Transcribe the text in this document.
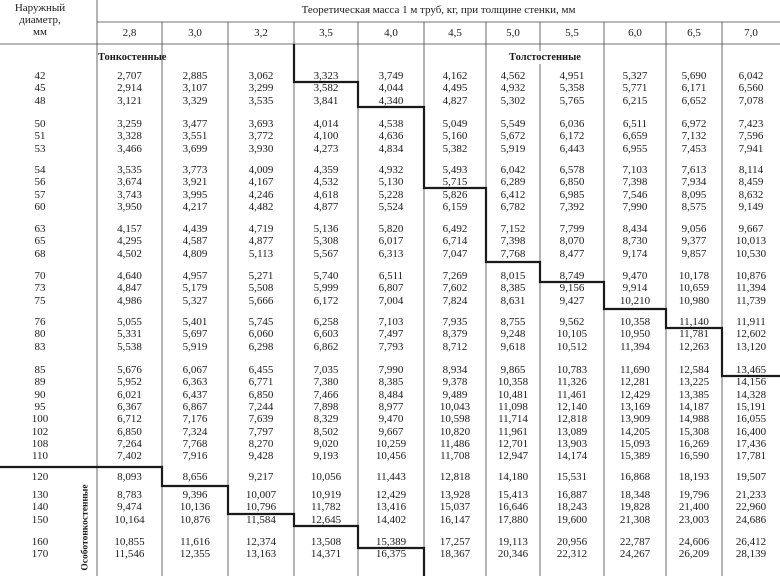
Наружный
диаметр,
мм
Теоретическая масса 1 м труб, кг, при толщине стенки, мм
Тонкостенные	Толстостенные
Особотонкостенные
2,8	3,0	3,2	3,5	4,0	4,5	5,0	5,5	6,0	6,5	7,0
42	2,707	2,885	3,062	3,323	3,749	4,162	4,562	4,951	5,327	5,690	6,042
45	2,914	3,107	3,299	3,582	4,044	4,495	4,932	5,358	5,771	6,171	6,560
48	3,121	3,329	3,535	3,841	4,340	4,827	5,302	5,765	6,215	6,652	7,078
50	3,259	3,477	3,693	4,014	4,538	5,049	5,549	6,036	6,511	6,972	7,423
51	3,328	3,551	3,772	4,100	4,636	5,160	5,672	6,172	6,659	7,132	7,596
53	3,466	3,699	3,930	4,273	4,834	5,382	5,919	6,443	6,955	7,453	7,941
54	3,535	3,773	4,009	4,359	4,932	5,493	6,042	6,578	7,103	7,613	8,114
56	3,674	3,921	4,167	4,532	5,130	5,715	6,289	6,850	7,398	7,934	8,459
57	3,743	3,995	4,246	4,618	5,228	5,826	6,412	6,985	7,546	8,095	8,632
60	3,950	4,217	4,482	4,877	5,524	6,159	6,782	7,392	7,990	8,575	9,149
63	4,157	4,439	4,719	5,136	5,820	6,492	7,152	7,799	8,434	9,056	9,667
65	4,295	4,587	4,877	5,308	6,017	6,714	7,398	8,070	8,730	9,377	10,013
68	4,502	4,809	5,113	5,567	6,313	7,047	7,768	8,477	9,174	9,857	10,530
70	4,640	4,957	5,271	5,740	6,511	7,269	8,015	8,749	9,470	10,178	10,876
73	4,847	5,179	5,508	5,999	6,807	7,602	8,385	9,156	9,914	10,659	11,394
75	4,986	5,327	5,666	6,172	7,004	7,824	8,631	9,427	10,210	10,980	11,739
76	5,055	5,401	5,745	6,258	7,103	7,935	8,755	9,562	10,358	11,140	11,911
80	5,331	5,697	6,060	6,603	7,497	8,379	9,248	10,105	10,950	11,781	12,602
83	5,538	5,919	6,298	6,862	7,793	8,712	9,618	10,512	11,394	12,263	13,120
85	5,676	6,067	6,455	7,035	7,990	8,934	9,865	10,783	11,690	12,584	13,465
89	5,952	6,363	6,771	7,380	8,385	9,378	10,358	11,326	12,281	13,225	14,156
90	6,021	6,437	6,850	7,466	8,484	9,489	10,481	11,461	12,429	13,385	14,328
95	6,367	6,867	7,244	7,898	8,977	10,043	11,098	12,140	13,169	14,187	15,191
100	6,712	7,176	7,639	8,329	9,470	10,598	11,714	12,818	13,909	14,988	16,055
102	6,850	7,324	7,797	8,502	9,667	10,820	11,961	13,089	14,205	15,308	16,400
108	7,264	7,768	8,270	9,020	10,259	11,486	12,701	13,903	15,093	16,269	17,436
110	7,402	7,916	9,428	9,193	10,456	11,708	12,947	14,174	15,389	16,590	17,781
120	8,093	8,656	9,217	10,056	11,443	12,818	14,180	15,531	16,868	18,193	19,507
130	8,783	9,396	10,007	10,919	12,429	13,928	15,413	16,887	18,348	19,796	21,233
140	9,474	10,136	10,796	11,782	13,416	15,037	16,646	18,243	19,828	21,400	22,960
150	10,164	10,876	11,584	12,645	14,402	16,147	17,880	19,600	21,308	23,003	24,686
160	10,855	11,616	12,374	13,508	15,389	17,257	19,113	20,956	22,787	24,606	26,412
170	11,546	12,355	13,163	14,371	16,375	18,367	20,346	22,312	24,267	26,209	28,139
